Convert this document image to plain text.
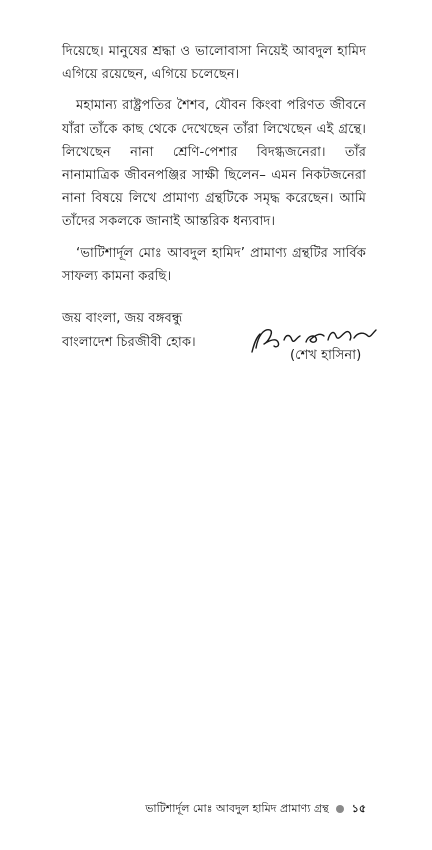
দিয়েছে। মানুষের শ্রদ্ধা ও ভালোবাসা নিয়েই আবদুল হামিদ এগিয়ে রয়েছেন, এগিয়ে চলেছেন।

মহামান্য রাষ্ট্রপতির শৈশব, যৌবন কিংবা পরিণত জীবনে যাঁরা তাঁকে কাছ থেকে দেখেছেন তাঁরা লিখেছেন এই গ্রন্থে। লিখেছেন নানা শ্রেণি-পেশার বিদগ্ধজনেরা। তাঁর নানামাত্রিক জীবনপঞ্জির সাক্ষী ছিলেন– এমন নিকটজনেরা নানা বিষয়ে লিখে প্রামাণ্য গ্রন্থটিকে সমৃদ্ধ করেছেন। আমি তাঁদের সকলকে জানাই আন্তরিক ধন্যবাদ।

‘ভাটিশার্দূল মোঃ আবদুল হামিদ’ প্রামাণ্য গ্রন্থটির সার্বিক সাফল্য কামনা করছি।

জয় বাংলা, জয় বঙ্গবন্ধু
বাংলাদেশ চিরজীবী হোক।
(শেখ হাসিনা)
ভাটিশার্দূল মোঃ আবদুল হামিদ প্রামাণ্য গ্রন্থ ১৫
